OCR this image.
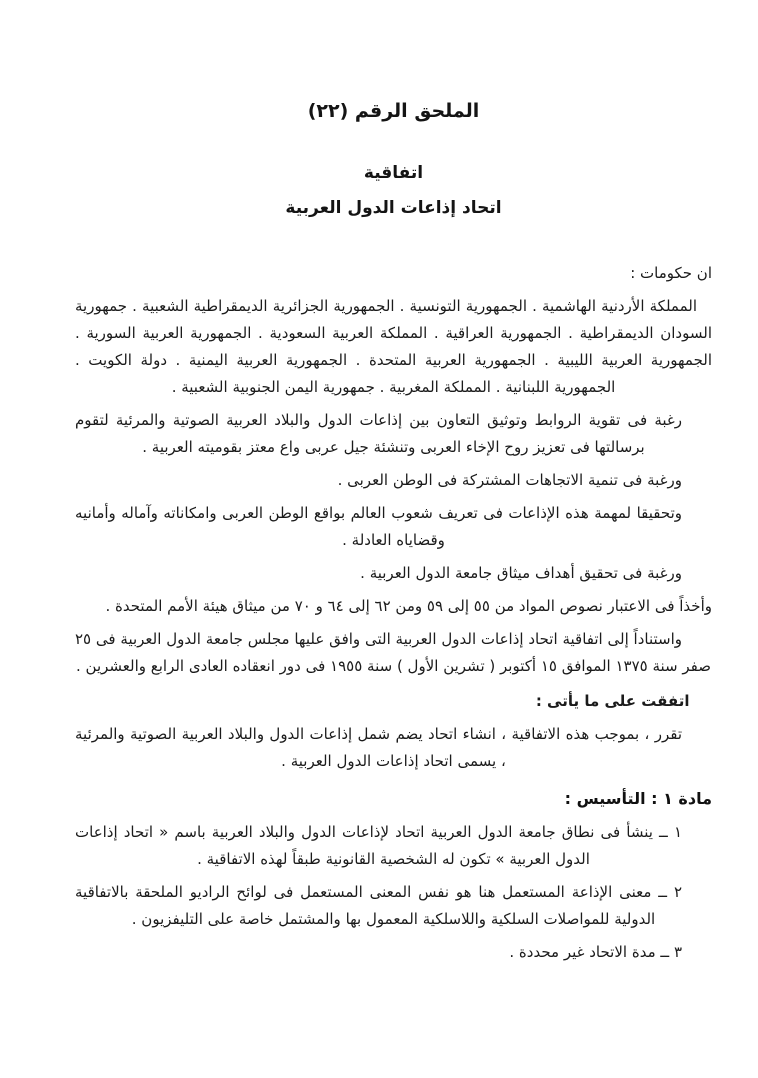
الملحق الرقم (٢٢)
اتفاقية
اتحاد إذاعات الدول العربية

ان حكومات :

المملكة الأردنية الهاشمية . الجمهورية التونسية . الجمهورية الجزائرية الديمقراطية الشعبية . جمهورية السودان الديمقراطية . الجمهورية العراقية . المملكة العربية السعودية . الجمهورية العربية السورية . الجمهورية العربية الليبية . الجمهورية العربية المتحدة . الجمهورية العربية اليمنية . دولة الكويت . الجمهورية اللبنانية . المملكة المغربية . جمهورية اليمن الجنوبية الشعبية .

رغبة فى تقوية الروابط وتوثيق التعاون بين إذاعات الدول والبلاد العربية الصوتية والمرئية لتقوم برسالتها فى تعزيز روح الإخاء العربى وتنشئة جيل عربى واع معتز بقوميته العربية .

ورغبة فى تنمية الاتجاهات المشتركة فى الوطن العربى .

وتحقيقا لمهمة هذه الإذاعات فى تعريف شعوب العالم بواقع الوطن العربى وامكاناته وآماله وأمانيه وقضاياه العادلة .

ورغبة فى تحقيق أهداف ميثاق جامعة الدول العربية .

وأخذاً فى الاعتبار نصوص المواد من ٥٥ إلى ٥٩ ومن ٦٢ إلى ٦٤ و ٧٠ من ميثاق هيئة الأمم المتحدة .

واستناداً إلى اتفاقية اتحاد إذاعات الدول العربية التى وافق عليها مجلس جامعة الدول العربية فى ٢٥ صفر سنة ١٣٧٥ الموافق ١٥ أكتوبر ( تشرين الأول ) سنة ١٩٥٥ فى دور انعقاده العادى الرابع والعشرين .

اتفقت على ما يأتى :

تقرر ، بموجب هذه الاتفاقية ، انشاء اتحاد يضم شمل إذاعات الدول والبلاد العربية الصوتية والمرئية ، يسمى اتحاد إذاعات الدول العربية .

مادة ١ : التأسيس :

١ ــ ينشأ فى نطاق جامعة الدول العربية اتحاد لإذاعات الدول والبلاد العربية باسم « اتحاد إذاعات الدول العربية » تكون له الشخصية القانونية طبقاً لهذه الاتفاقية .

٢ ــ معنى الإذاعة المستعمل هنا هو نفس المعنى المستعمل فى لوائح الراديو الملحقة بالاتفاقية الدولية للمواصلات السلكية واللاسلكية المعمول بها والمشتمل خاصة على التليفزيون .

٣ ــ مدة الاتحاد غير محددة .
